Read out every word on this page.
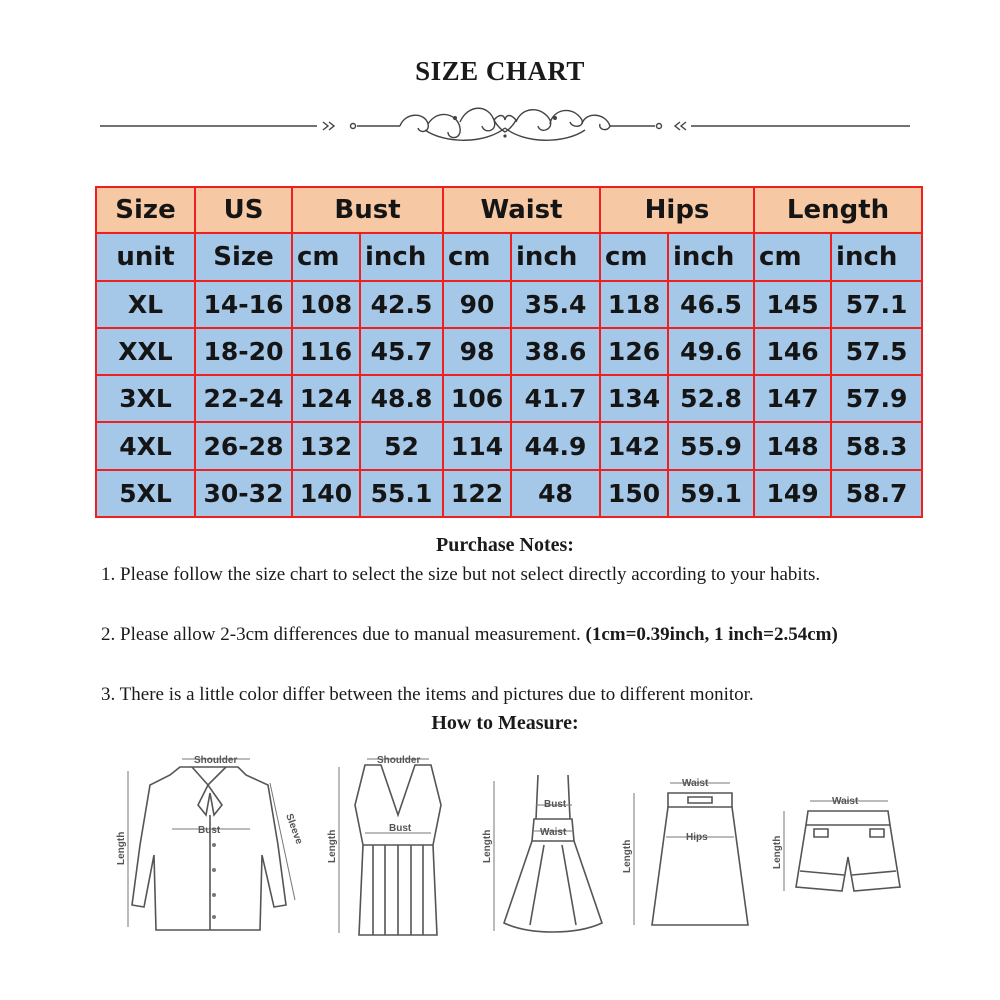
SIZE CHART
Size	US	Bust		Waist		Hips		Length	
unit	Size	cm	inch	cm	inch	cm	inch	cm	inch
XL	14-16	108	42.5	90	35.4	118	46.5	145	57.1
XXL	18-20	116	45.7	98	38.6	126	49.6	146	57.5
3XL	22-24	124	48.8	106	41.7	134	52.8	147	57.9
4XL	26-28	132	52	114	44.9	142	55.9	148	58.3
5XL	30-32	140	55.1	122	48	150	59.1	149	58.7
Purchase Notes:
1. Please follow the size chart to select the size but not select directly according to your habits.
2. Please allow 2-3cm differences due to manual measurement. (1cm=0.39inch, 1 inch=2.54cm)
3. There is a little color differ between the items and pictures due to different monitor.
How to Measure:
Shoulder
Bust
Length
Sleeve
Shoulder
Bust
Length
Bust
Waist
Length
Waist
Hips
Length
Waist
Length
